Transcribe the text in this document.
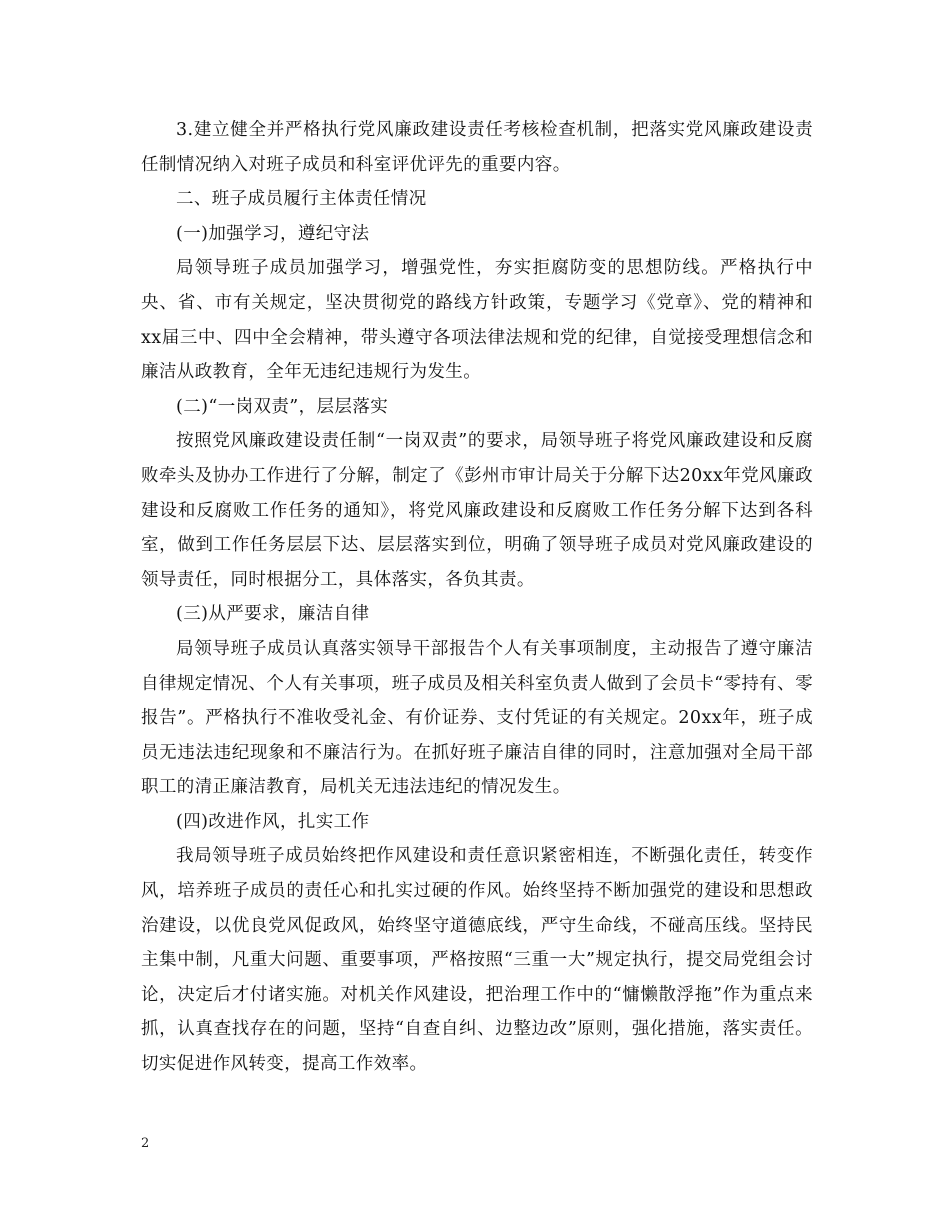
3.建立健全并严格执行党风廉政建设责任考核检查机制，把落实党风廉政建设责任制情况纳入对班子成员和科室评优评先的重要内容。

二、班子成员履行主体责任情况

(一)加强学习，遵纪守法

局领导班子成员加强学习，增强党性，夯实拒腐防变的思想防线。严格执行中央、省、市有关规定，坚决贯彻党的路线方针政策，专题学习《党章》、党的精神和xx届三中、四中全会精神，带头遵守各项法律法规和党的纪律，自觉接受理想信念和廉洁从政教育，全年无违纪违规行为发生。

(二)“一岗双责”，层层落实

按照党风廉政建设责任制“一岗双责”的要求，局领导班子将党风廉政建设和反腐败牵头及协办工作进行了分解，制定了《彭州市审计局关于分解下达20xx年党风廉政建设和反腐败工作任务的通知》，将党风廉政建设和反腐败工作任务分解下达到各科室，做到工作任务层层下达、层层落实到位，明确了领导班子成员对党风廉政建设的领导责任，同时根据分工，具体落实，各负其责。

(三)从严要求，廉洁自律

局领导班子成员认真落实领导干部报告个人有关事项制度，主动报告了遵守廉洁自律规定情况、个人有关事项，班子成员及相关科室负责人做到了会员卡“零持有、零报告”。严格执行不准收受礼金、有价证券、支付凭证的有关规定。20xx年，班子成员无违法违纪现象和不廉洁行为。在抓好班子廉洁自律的同时，注意加强对全局干部职工的清正廉洁教育，局机关无违法违纪的情况发生。

(四)改进作风，扎实工作

我局领导班子成员始终把作风建设和责任意识紧密相连，不断强化责任，转变作风，培养班子成员的责任心和扎实过硬的作风。始终坚持不断加强党的建设和思想政治建设，以优良党风促政风，始终坚守道德底线，严守生命线，不碰高压线。坚持民主集中制，凡重大问题、重要事项，严格按照“三重一大”规定执行，提交局党组会讨论，决定后才付诸实施。对机关作风建设，把治理工作中的“慵懒散浮拖”作为重点来抓，认真查找存在的问题，坚持“自查自纠、边整边改”原则，强化措施，落实责任。切实促进作风转变，提高工作效率。

2
